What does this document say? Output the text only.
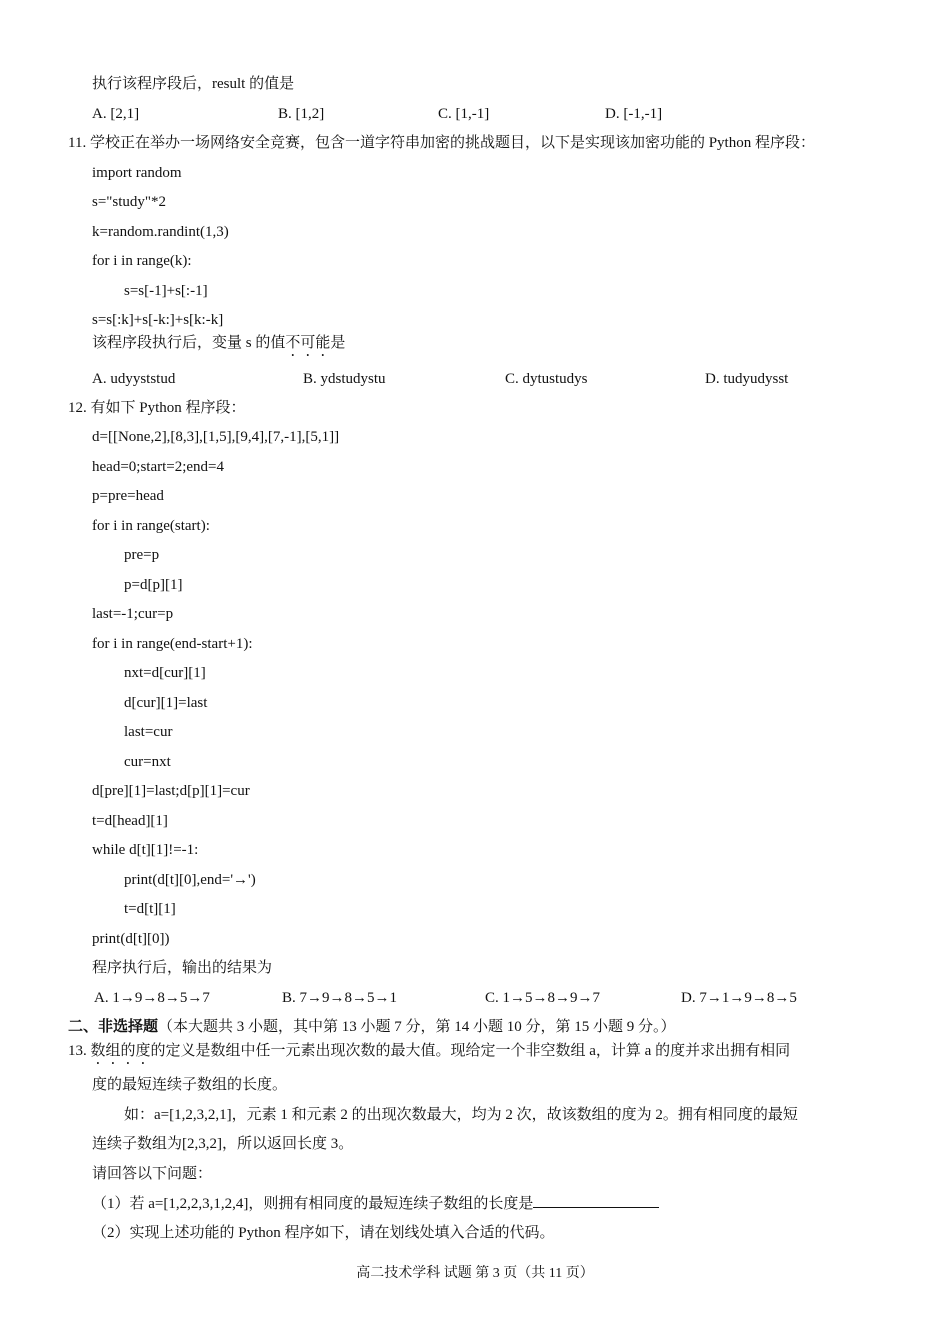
执行该程序段后，result 的值是
A. [2,1]	B. [1,2]	C. [1,-1]	D. [-1,-1]
11. 学校正在举办一场网络安全竞赛，包含一道字符串加密的挑战题目，以下是实现该加密功能的 Python 程序段：
import random
s="study"*2
k=random.randint(1,3)
for i in range(k):
s=s[-1]+s[:-1]
s=s[:k]+s[-k:]+s[k:-k]
该程序段执行后，变量 s 的值不可能是
A. udyyststud	B. ydstudystu	C. dytustudys	D. tudyudysst
12. 有如下 Python 程序段：
d=[[None,2],[8,3],[1,5],[9,4],[7,-1],[5,1]]
head=0;start=2;end=4
p=pre=head
for i in range(start):
pre=p
p=d[p][1]
last=-1;cur=p
for i in range(end-start+1):
nxt=d[cur][1]
d[cur][1]=last
last=cur
cur=nxt
d[pre][1]=last;d[p][1]=cur
t=d[head][1]
while d[t][1]!=-1:
print(d[t][0],end='→')
t=d[t][1]
print(d[t][0])
程序执行后，输出的结果为
A. 1→9→8→5→7	B. 7→9→8→5→1	C. 1→5→8→9→7	D. 7→1→9→8→5
二、非选择题（本大题共 3 小题，其中第 13 小题 7 分，第 14 小题 10 分，第 15 小题 9 分。）
13. 数组的度的定义是数组中任一元素出现次数的最大值。现给定一个非空数组 a，计算 a 的度并求出拥有相同
度的最短连续子数组的长度。
如：a=[1,2,3,2,1]，元素 1 和元素 2 的出现次数最大，均为 2 次，故该数组的度为 2。拥有相同度的最短
连续子数组为[2,3,2]，所以返回长度 3。
请回答以下问题：
（1）若 a=[1,2,2,3,1,2,4]，则拥有相同度的最短连续子数组的长度是
（2）实现上述功能的 Python 程序如下，请在划线处填入合适的代码。
高二技术学科 试题 第 3 页（共 11 页）
